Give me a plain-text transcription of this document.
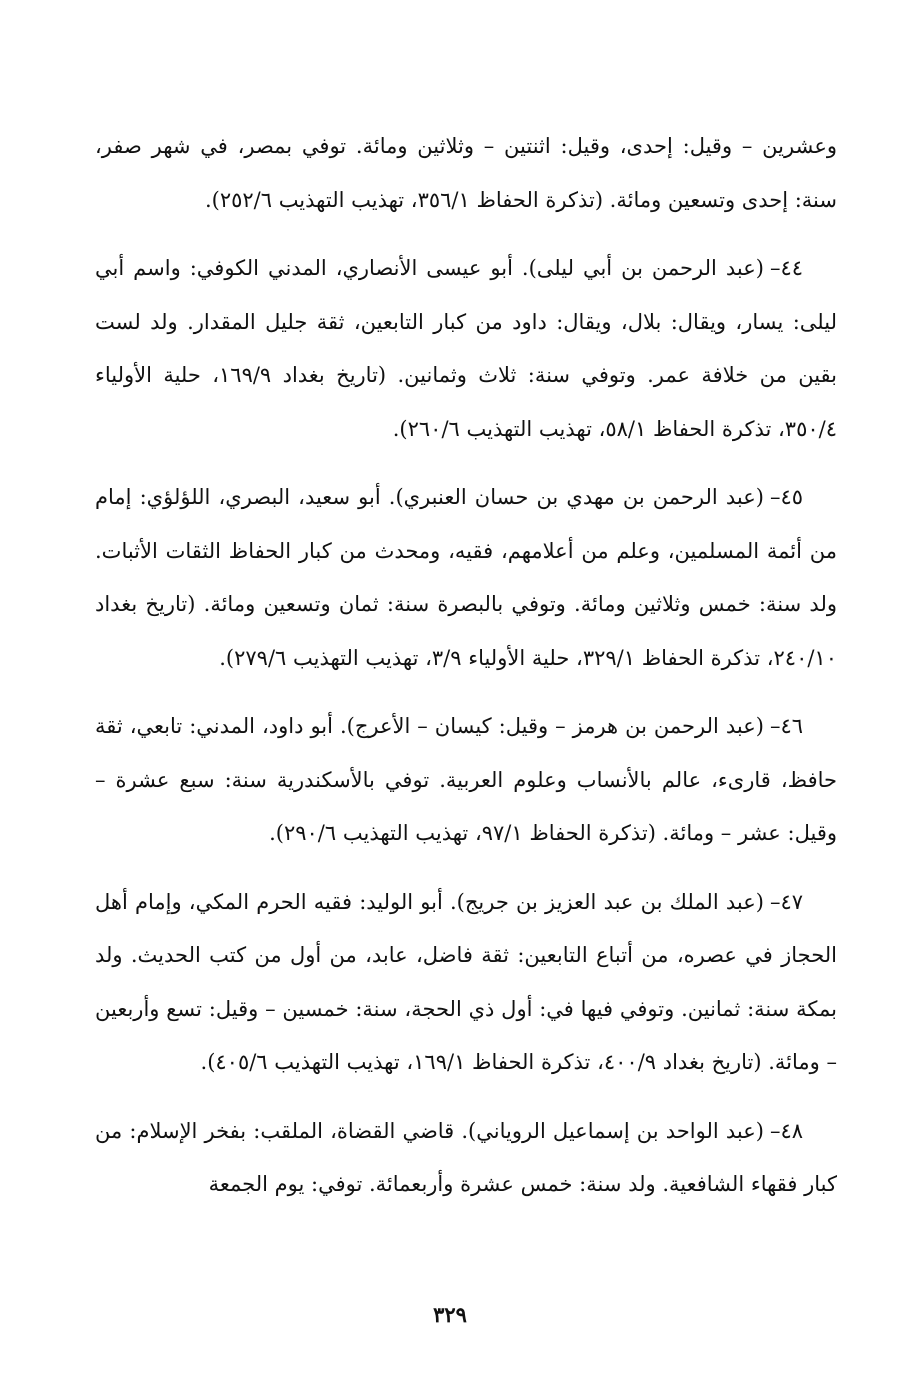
وعشرين – وقيل: إحدى، وقيل: اثنتين – وثلاثين ومائة. توفي بمصر، في شهر صفر، سنة: إحدى وتسعين ومائة. (تذكرة الحفاظ ٣٥٦/١، تهذيب التهذيب ٢٥٢/٦).

٤٤–(عبد الرحمن بن أبي ليلى). أبو عيسى الأنصاري، المدني الكوفي: واسم أبي ليلى: يسار، ويقال: بلال، ويقال: داود من كبار التابعين، ثقة جليل المقدار. ولد لست بقين من خلافة عمر. وتوفي سنة: ثلاث وثمانين. (تاريخ بغداد ١٦٩/٩، حلية الأولياء ٣٥٠/٤، تذكرة الحفاظ ٥٨/١، تهذيب التهذيب ٢٦٠/٦).

٤٥–(عبد الرحمن بن مهدي بن حسان العنبري). أبو سعيد، البصري، اللؤلؤي: إمام من أئمة المسلمين، وعلم من أعلامهم، فقيه، ومحدث من كبار الحفاظ الثقات الأثبات. ولد سنة: خمس وثلاثين ومائة. وتوفي بالبصرة سنة: ثمان وتسعين ومائة. (تاريخ بغداد ٢٤٠/١٠، تذكرة الحفاظ ٣٢٩/١، حلية الأولياء ٣/٩، تهذيب التهذيب ٢٧٩/٦).

٤٦–(عبد الرحمن بن هرمز – وقيل: كيسان – الأعرج). أبو داود، المدني: تابعي، ثقة حافظ، قارىء، عالم بالأنساب وعلوم العربية. توفي بالأسكندرية سنة: سبع عشرة – وقيل: عشر – ومائة. (تذكرة الحفاظ ٩٧/١، تهذيب التهذيب ٢٩٠/٦).

٤٧–(عبد الملك بن عبد العزيز بن جريج). أبو الوليد: فقيه الحرم المكي، وإمام أهل الحجاز في عصره، من أتباع التابعين: ثقة فاضل، عابد، من أول من كتب الحديث. ولد بمكة سنة: ثمانين. وتوفي فيها في: أول ذي الحجة، سنة: خمسين – وقيل: تسع وأربعين – ومائة. (تاريخ بغداد ٤٠٠/٩، تذكرة الحفاظ ١٦٩/١، تهذيب التهذيب ٤٠٥/٦).

٤٨–(عبد الواحد بن إسماعيل الروياني). قاضي القضاة، الملقب: بفخر الإسلام: من كبار فقهاء الشافعية. ولد سنة: خمس عشرة وأربعمائة. توفي: يوم الجمعة

٣٢٩
